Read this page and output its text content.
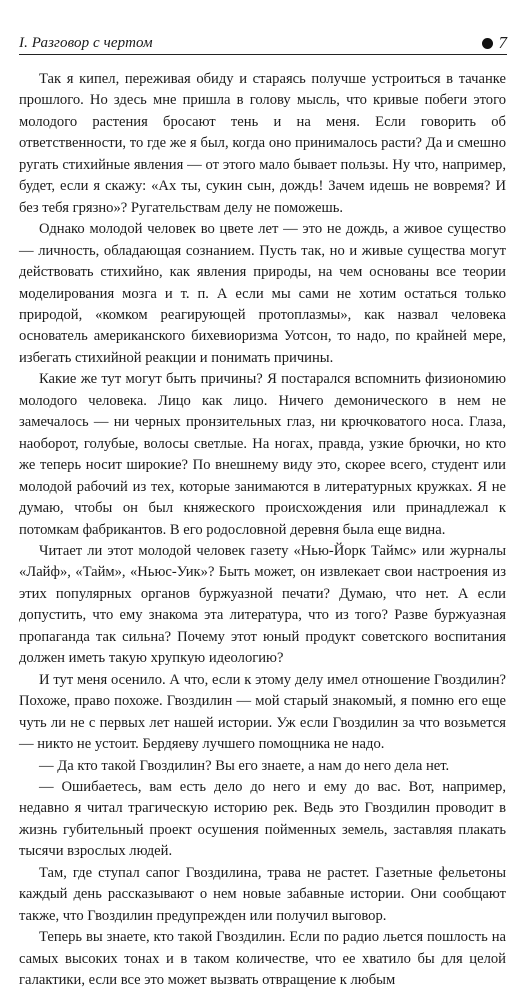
I. Разговор с чертом	7

Так я кипел, переживая обиду и стараясь получше устроиться в тачанке прошлого. Но здесь мне пришла в голову мысль, что кривые побеги этого молодого растения бросают тень и на меня. Если говорить об ответственности, то где же я был, когда оно принималось расти? Да и смешно ругать стихийные явления — от этого мало бывает пользы. Ну что, например, будет, если я скажу: «Ах ты, сукин сын, дождь! Зачем идешь не вовремя? И без тебя грязно»? Ругательствам делу не поможешь.

Однако молодой человек во цвете лет — это не дождь, а живое существо — личность, обладающая сознанием. Пусть так, но и живые существа могут действовать стихийно, как явления природы, на чем основаны все теории моделирования мозга и т. п. А если мы сами не хотим остаться только природой, «комком реагирующей протоплазмы», как назвал человека основатель американского бихевиоризма Уотсон, то надо, по крайней мере, избегать стихийной реакции и понимать причины.

Какие же тут могут быть причины? Я постарался вспомнить физиономию молодого человека. Лицо как лицо. Ничего демонического в нем не замечалось — ни черных пронзительных глаз, ни крючковатого носа. Глаза, наоборот, голубые, волосы светлые. На ногах, правда, узкие брючки, но кто же теперь носит широкие? По внешнему виду это, скорее всего, студент или молодой рабочий из тех, которые занимаются в литературных кружках. Я не думаю, чтобы он был княжеского происхождения или принадлежал к потомкам фабрикантов. В его родословной деревня была еще видна.

Читает ли этот молодой человек газету «Нью-Йорк Таймс» или журналы «Лайф», «Тайм», «Ньюс-Уик»? Быть может, он извлекает свои настроения из этих популярных органов буржуазной печати? Думаю, что нет. А если допустить, что ему знакома эта литература, что из того? Разве буржуазная пропаганда так сильна? Почему этот юный продукт советского воспитания должен иметь такую хрупкую идеологию?

И тут меня осенило. А что, если к этому делу имел отношение Гвоздилин? Похоже, право похоже. Гвоздилин — мой старый знакомый, я помню его еще чуть ли не с первых лет нашей истории. Уж если Гвоздилин за что возьмется — никто не устоит. Бердяеву лучшего помощника не надо.

— Да кто такой Гвоздилин? Вы его знаете, а нам до него дела нет.

— Ошибаетесь, вам есть дело до него и ему до вас. Вот, например, недавно я читал трагическую историю рек. Ведь это Гвоздилин проводит в жизнь губительный проект осушения пойменных земель, заставляя плакать тысячи взрослых людей.

Там, где ступал сапог Гвоздилина, трава не растет. Газетные фельетоны каждый день рассказывают о нем новые забавные истории. Они сообщают также, что Гвоздилин предупрежден или получил выговор.

Теперь вы знаете, кто такой Гвоздилин. Если по радио льется пошлость на самых высоких тонах и в таком количестве, что ее хватило бы для целой галактики, если все это может вызвать отвращение к любым
